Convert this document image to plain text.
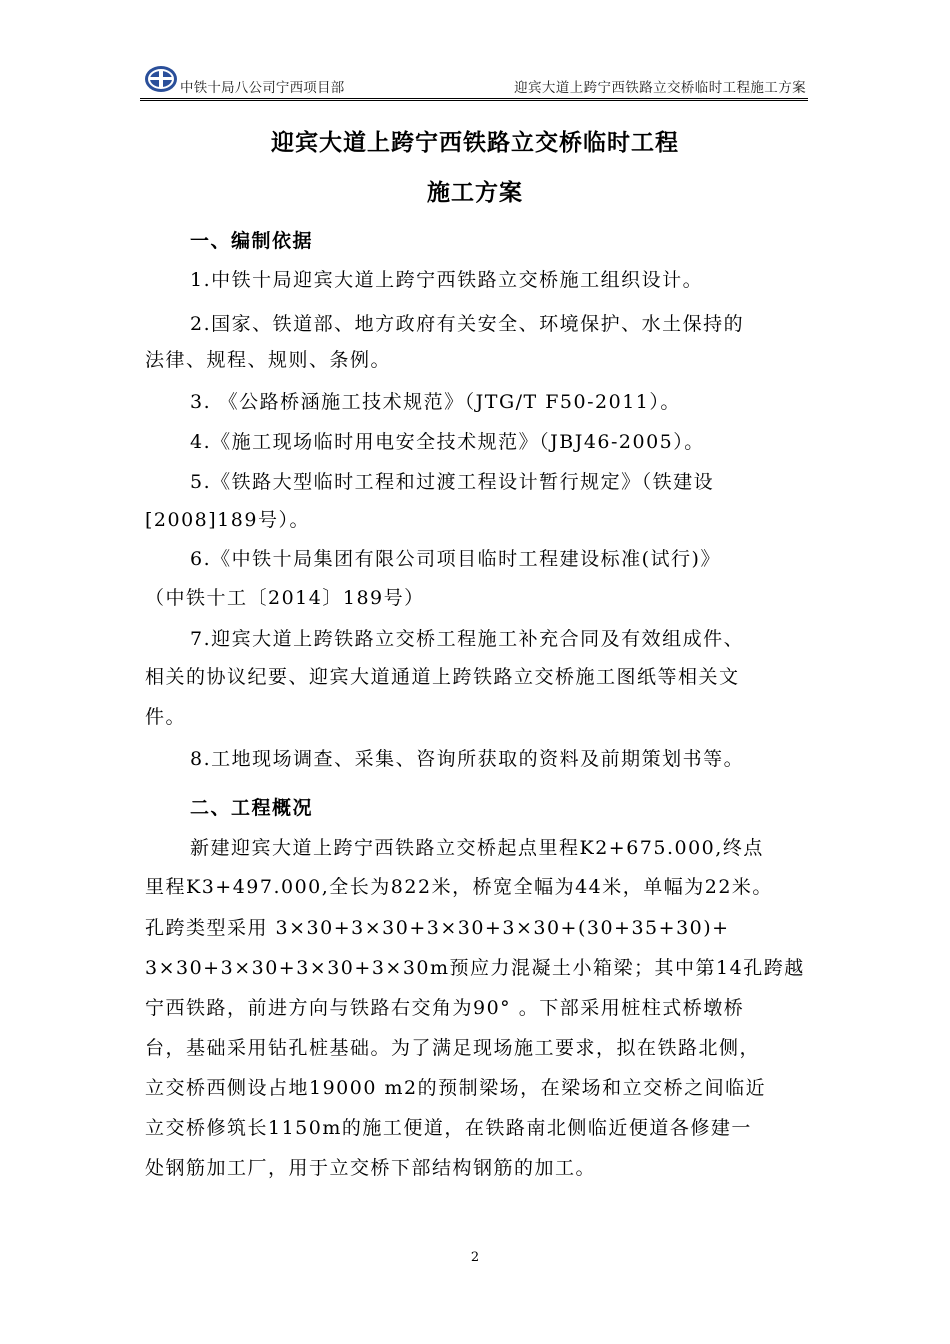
中铁十局八公司宁西项目部	迎宾大道上跨宁西铁路立交桥临时工程施工方案
迎宾大道上跨宁西铁路立交桥临时工程
施工方案
一、编制依据
1.中铁十局迎宾大道上跨宁西铁路立交桥施工组织设计。
2.国家、铁道部、地方政府有关安全、环境保护、水土保持的
法律、规程、规则、条例。
3. 《公路桥涵施工技术规范》（JTG/T F50-2011）。
4.《施工现场临时用电安全技术规范》（JBJ46-2005）。
5.《铁路大型临时工程和过渡工程设计暂行规定》（铁建设
[2008]189号）。
6.《中铁十局集团有限公司项目临时工程建设标准(试行)》
（中铁十工〔2014〕189号）
7.迎宾大道上跨铁路立交桥工程施工补充合同及有效组成件、
相关的协议纪要、迎宾大道通道上跨铁路立交桥施工图纸等相关文
件。
8.工地现场调查、采集、咨询所获取的资料及前期策划书等。
二、工程概况
新建迎宾大道上跨宁西铁路立交桥起点里程K2+675.000,终点
里程K3+497.000,全长为822米，桥宽全幅为44米，单幅为22米。
孔跨类型采用 3×30+3×30+3×30+3×30+(30+35+30)+
3×30+3×30+3×30+3×30m预应力混凝土小箱梁；其中第14孔跨越
宁西铁路，前进方向与铁路右交角为90° 。下部采用桩柱式桥墩桥
台，基础采用钻孔桩基础。为了满足现场施工要求，拟在铁路北侧，
立交桥西侧设占地19000 m2的预制梁场，在梁场和立交桥之间临近
立交桥修筑长1150m的施工便道，在铁路南北侧临近便道各修建一
处钢筋加工厂，用于立交桥下部结构钢筋的加工。
2
